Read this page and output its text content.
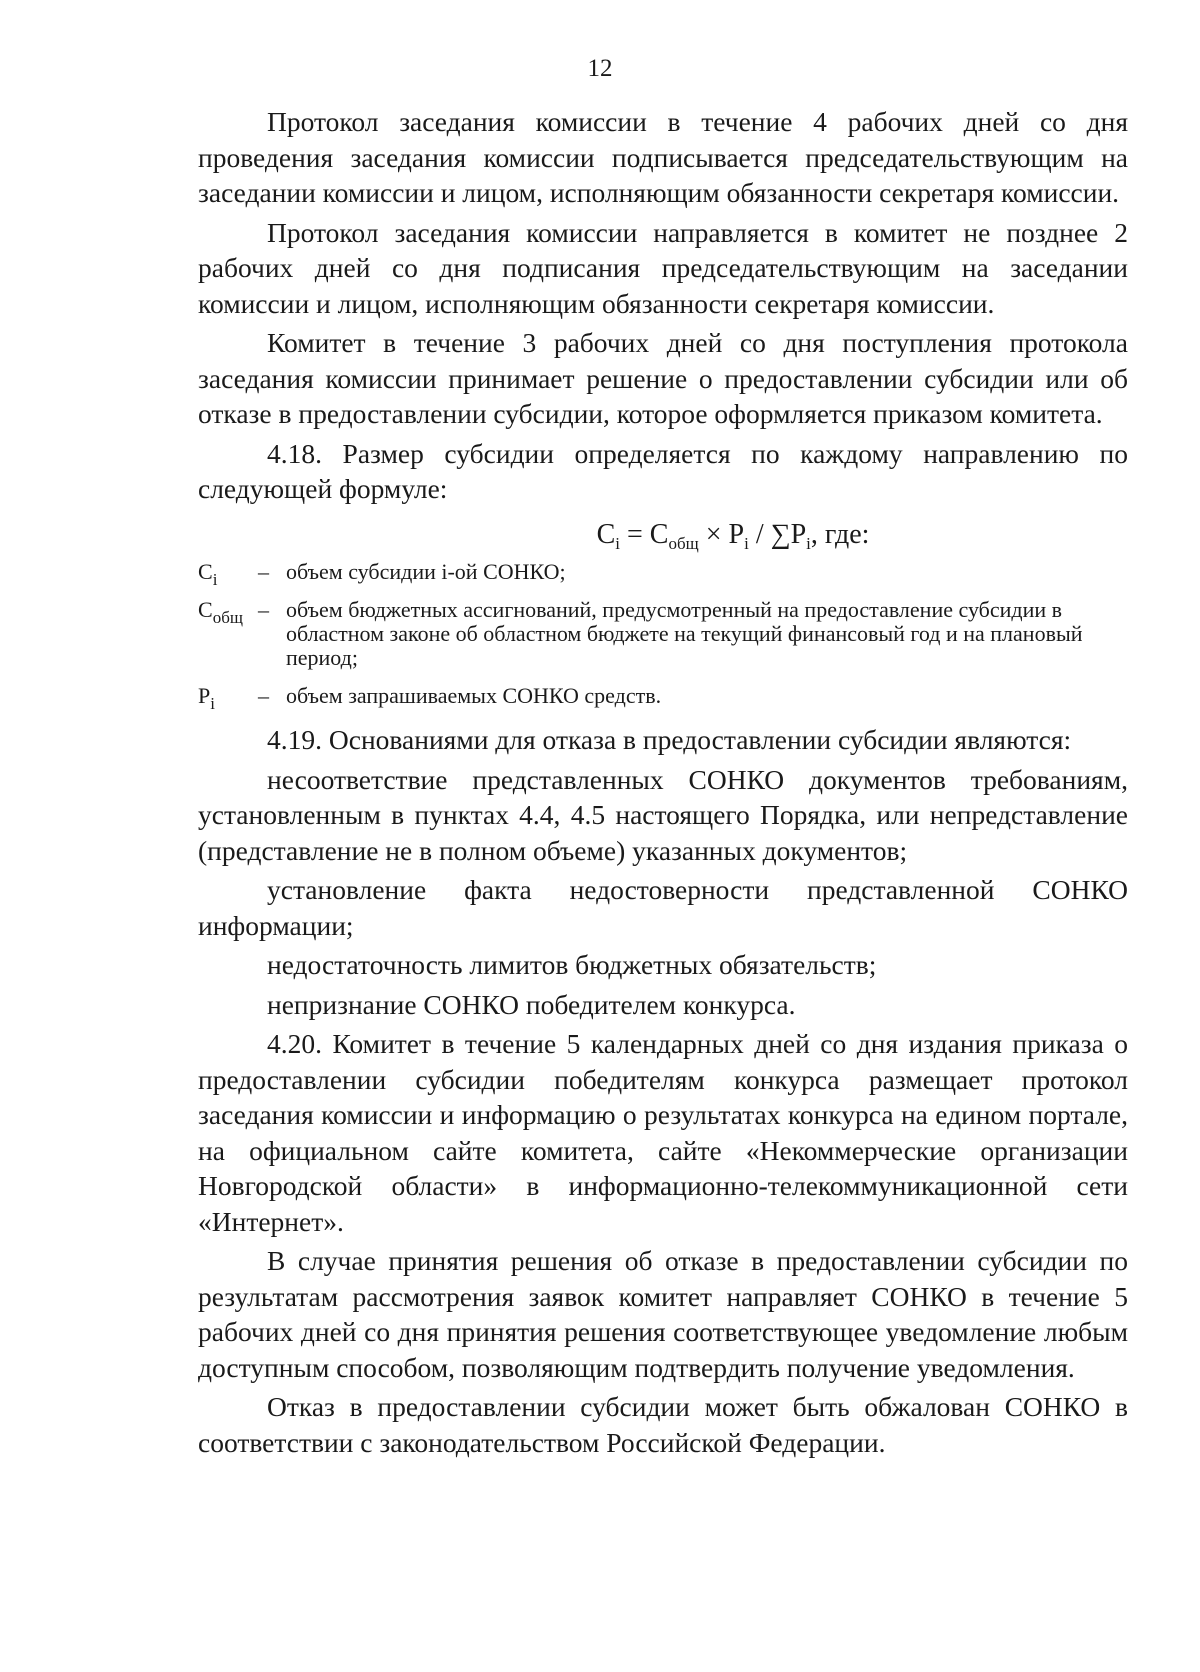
12

Протокол заседания комиссии в течение 4 рабочих дней со дня проведения заседания комиссии подписывается председательствующим на заседании комиссии и лицом, исполняющим обязанности секретаря комиссии.

Протокол заседания комиссии направляется в комитет не позднее 2 рабочих дней со дня подписания председательствующим на заседании комиссии и лицом, исполняющим обязанности секретаря комиссии.

Комитет в течение 3 рабочих дней со дня поступления протокола заседания комиссии принимает решение о предоставлении субсидии или об отказе в предоставлении субсидии, которое оформляется приказом комитета.

4.18. Размер субсидии определяется по каждому направлению по следующей формуле:

$C_i = C_{общ} \times P_i / \sum P_i$, где:
$C_i$	– объем субсидии i-ой СОНКО;
$C_{общ}$ – объем бюджетных ассигнований, предусмотренный на предоставление субсидии в областном законе об областном бюджете на текущий финансовый год и на плановый период;
$P_i$	– объем запрашиваемых СОНКО средств.

4.19. Основаниями для отказа в предоставлении субсидии являются:

несоответствие представленных СОНКО документов требованиям, установленным в пунктах 4.4, 4.5 настоящего Порядка, или непредставление (представление не в полном объеме) указанных документов;

установление факта недостоверности представленной СОНКО информации;

недостаточность лимитов бюджетных обязательств;

непризнание СОНКО победителем конкурса.

4.20. Комитет в течение 5 календарных дней со дня издания приказа о предоставлении субсидии победителям конкурса размещает протокол заседания комиссии и информацию о результатах конкурса на едином портале, на официальном сайте комитета, сайте «Некоммерческие организации Новгородской области» в информационно-телекоммуникационной сети «Интернет».

В случае принятия решения об отказе в предоставлении субсидии по результатам рассмотрения заявок комитет направляет СОНКО в течение 5 рабочих дней со дня принятия решения соответствующее уведомление любым доступным способом, позволяющим подтвердить получение уведомления.

Отказ в предоставлении субсидии может быть обжалован СОНКО в соответствии с законодательством Российской Федерации.
